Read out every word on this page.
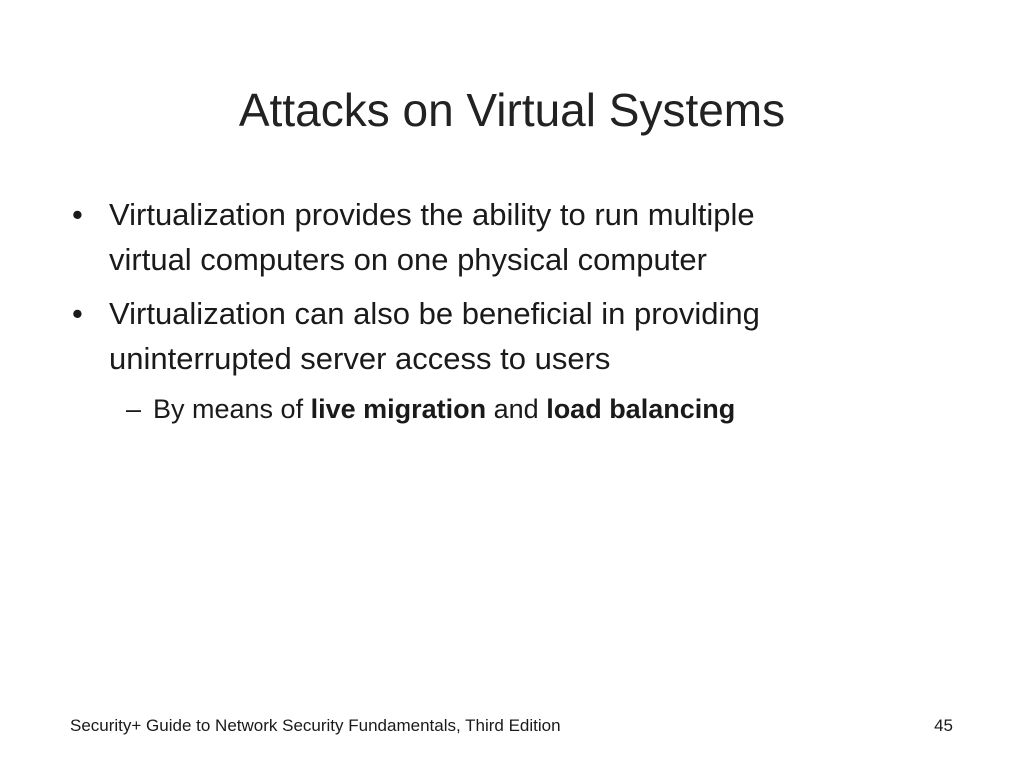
Attacks on Virtual Systems
• Virtualization provides the ability to run multiple
virtual computers on one physical computer
• Virtualization can also be beneficial in providing
uninterrupted server access to users
– By means of live migration and load balancing
Security+ Guide to Network Security Fundamentals, Third Edition	45
